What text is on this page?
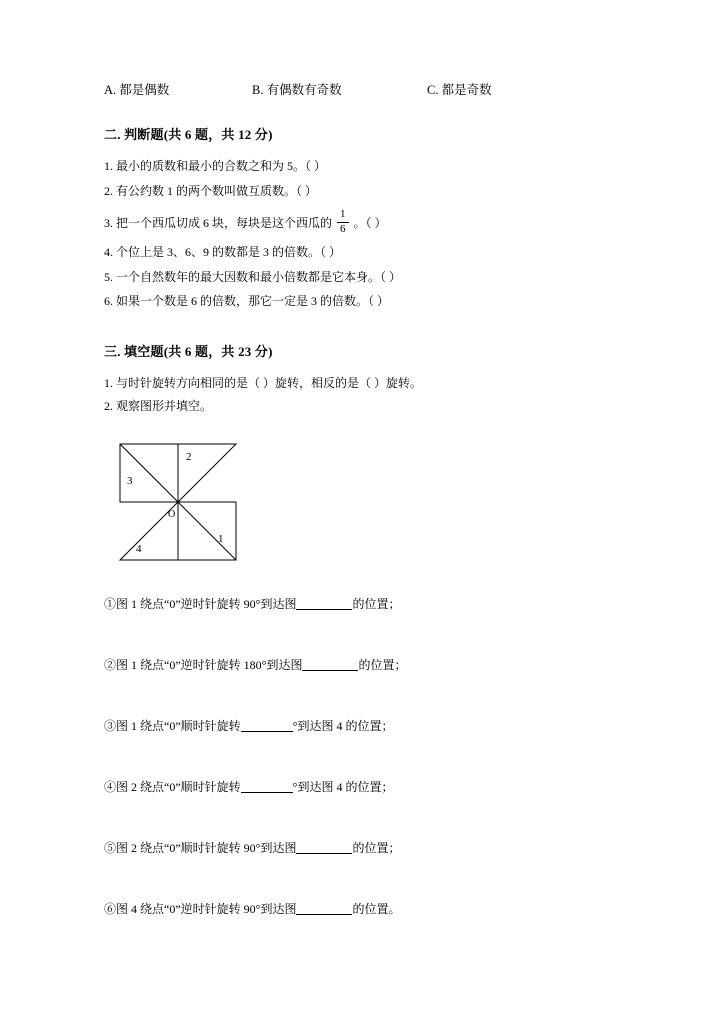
A. 都是偶数	B. 有偶数有奇数	C. 都是奇数
二. 判断题(共 6 题，共 12 分)

1. 最小的质数和最小的合数之和为 5。（ ）

2. 有公约数 1 的两个数叫做互质数。（ ）

3. 把一个西瓜切成 6 块，每块是这个西瓜的 $\frac{1}{6}$ 。（ ）

4. 个位上是 3、6、9 的数都是 3 的倍数。（ ）

5. 一个自然数年的最大因数和最小倍数都是它本身。（ ）

6. 如果一个数是 6 的倍数，那它一定是 3 的倍数。（ ）

三. 填空题(共 6 题，共 23 分)

1. 与时针旋转方向相同的是（ ）旋转，相反的是（ ）旋转。

2. 观察图形并填空。

2
3
1
4
O

①图 1 绕点“0”逆时针旋转 90°到达图	的位置；

②图 1 绕点“0”逆时针旋转 180°到达图	的位置；

③图 1 绕点“0”顺时针旋转	°到达图 4 的位置；

④图 2 绕点“0”顺时针旋转	°到达图 4 的位置；

⑤图 2 绕点“0”顺时针旋转 90°到达图	的位置；

⑥图 4 绕点“0”逆时针旋转 90°到达图	的位置。
